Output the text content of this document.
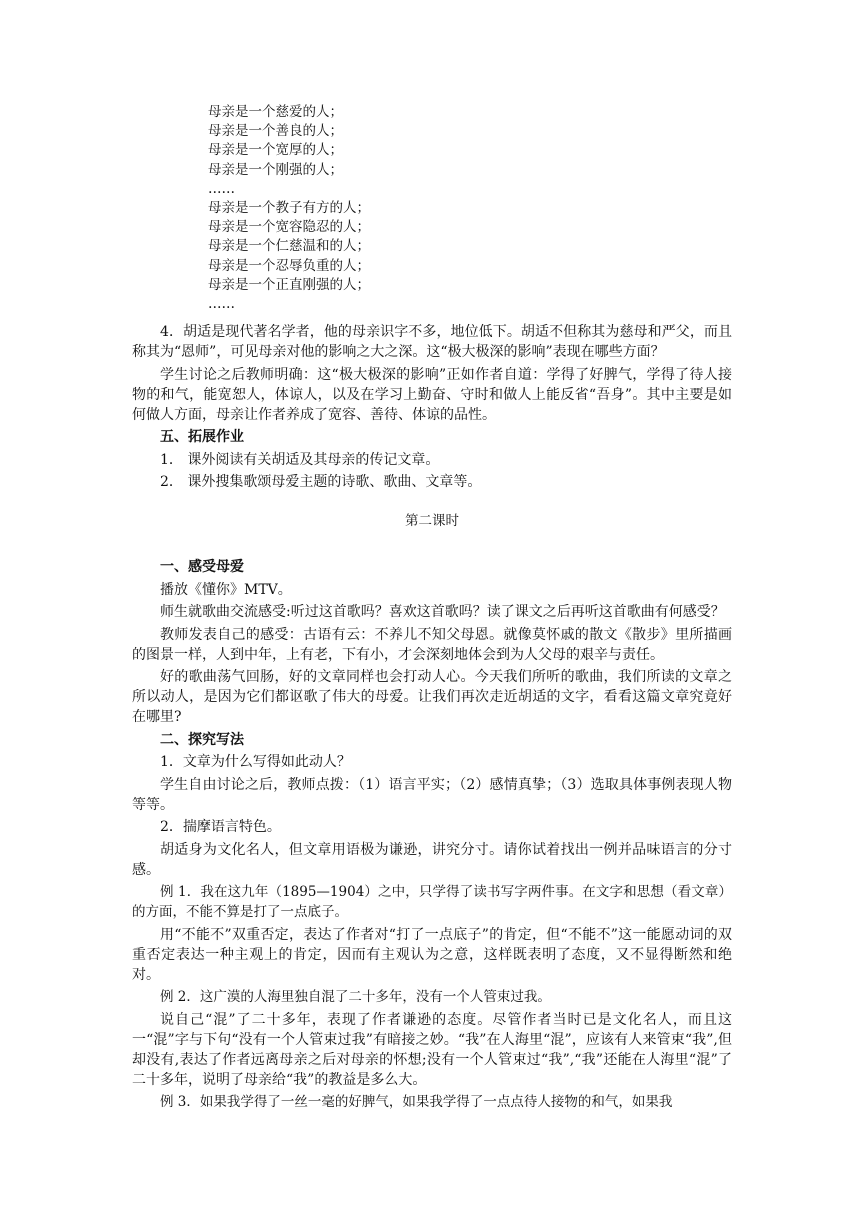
母亲是一个慈爱的人；
母亲是一个善良的人；
母亲是一个宽厚的人；
母亲是一个刚强的人；
……
母亲是一个教子有方的人；
母亲是一个宽容隐忍的人；
母亲是一个仁慈温和的人；
母亲是一个忍辱负重的人；
母亲是一个正直刚强的人；
……

4．胡适是现代著名学者，他的母亲识字不多，地位低下。胡适不但称其为慈母和严父，而且称其为“恩师”，可见母亲对他的影响之大之深。这“极大极深的影响”表现在哪些方面？

学生讨论之后教师明确：这“极大极深的影响”正如作者自道：学得了好脾气，学得了待人接物的和气，能宽恕人，体谅人，以及在学习上勤奋、守时和做人上能反省“吾身”。其中主要是如何做人方面，母亲让作者养成了宽容、善待、体谅的品性。

五、拓展作业

1． 课外阅读有关胡适及其母亲的传记文章。

2． 课外搜集歌颂母爱主题的诗歌、歌曲、文章等。

第二课时

一、感受母爱

播放《懂你》MTV。

师生就歌曲交流感受:听过这首歌吗？喜欢这首歌吗？读了课文之后再听这首歌曲有何感受？

教师发表自己的感受：古语有云：不养儿不知父母恩。就像莫怀戚的散文《散步》里所描画的图景一样，人到中年，上有老，下有小，才会深刻地体会到为人父母的艰辛与责任。

好的歌曲荡气回肠，好的文章同样也会打动人心。今天我们所听的歌曲，我们所读的文章之所以动人，是因为它们都讴歌了伟大的母爱。让我们再次走近胡适的文字，看看这篇文章究竟好在哪里?

二、探究写法

1．文章为什么写得如此动人？

学生自由讨论之后，教师点拨：（1）语言平实；（2）感情真挚；（3）选取具体事例表现人物等等。

2．揣摩语言特色。

胡适身为文化名人，但文章用语极为谦逊，讲究分寸。请你试着找出一例并品味语言的分寸感。

例 1．我在这九年（1895—1904）之中，只学得了读书写字两件事。在文字和思想（看文章）的方面，不能不算是打了一点底子。

用“不能不”双重否定，表达了作者对“打了一点底子”的肯定，但“不能不”这一能愿动词的双重否定表达一种主观上的肯定，因而有主观认为之意，这样既表明了态度，又不显得断然和绝对。

例 2．这广漠的人海里独自混了二十多年，没有一个人管束过我。

说自己“混”了二十多年，表现了作者谦逊的态度。尽管作者当时已是文化名人，而且这一“混”字与下句“没有一个人管束过我”有暗接之妙。“我”在人海里“混”，应该有人来管束“我”,但却没有,表达了作者远离母亲之后对母亲的怀想;没有一个人管束过“我”,“我”还能在人海里“混”了二十多年，说明了母亲给“我”的教益是多么大。

例 3．如果我学得了一丝一毫的好脾气，如果我学得了一点点待人接物的和气，如果我
